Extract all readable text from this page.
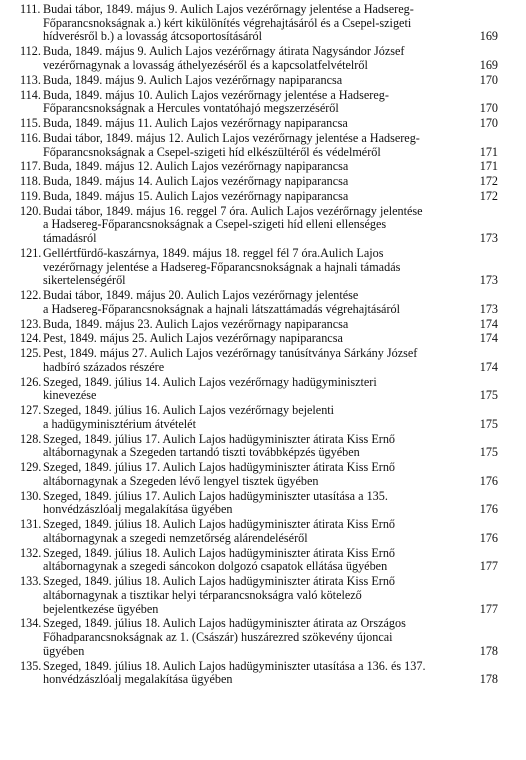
111. Budai tábor, 1849. május 9. Aulich Lajos vezérőrnagy jelentése a Hadsereg-
Főparancsnokságnak a.) kért kikülönítés végrehajtásáról és a Csepel-szigeti
hídverésről b.) a lovasság átcsoportosításáról	169
112. Buda, 1849. május 9. Aulich Lajos vezérőrnagy átirata Nagysándor József
vezérőrnagynak a lovasság áthelyezéséről és a kapcsolatfelvételről	169
113. Buda, 1849. május 9. Aulich Lajos vezérőrnagy napiparancsa	170
114. Buda, 1849. május 10. Aulich Lajos vezérőrnagy jelentése a Hadsereg-
Főparancsnokságnak a Hercules vontatóhajó megszerzéséről	170
115. Buda, 1849. május 11. Aulich Lajos vezérőrnagy napiparancsa	170
116. Budai tábor, 1849. május 12. Aulich Lajos vezérőrnagy jelentése a Hadsereg-
Főparancsnokságnak a Csepel-szigeti híd elkészültéről és védelméről	171
117. Buda, 1849. május 12. Aulich Lajos vezérőrnagy napiparancsa	171
118. Buda, 1849. május 14. Aulich Lajos vezérőrnagy napiparancsa	172
119. Buda, 1849. május 15. Aulich Lajos vezérőrnagy napiparancsa	172
120. Budai tábor, 1849. május 16. reggel 7 óra. Aulich Lajos vezérőrnagy jelentése
a Hadsereg-Főparancsnokságnak a Csepel-szigeti híd elleni ellenséges
támadásról	173
121. Gellértfürdő-kaszárnya, 1849. május 18. reggel fél 7 óra.Aulich Lajos
vezérőrnagy jelentése a Hadsereg-Főparancsnokságnak a hajnali támadás
sikertelenségéről	173
122. Budai tábor, 1849. május 20. Aulich Lajos vezérőrnagy jelentése
a Hadsereg-Főparancsnokságnak a hajnali látszattámadás végrehajtásáról	173
123. Buda, 1849. május 23. Aulich Lajos vezérőrnagy napiparancsa	174
124. Pest, 1849. május 25. Aulich Lajos vezérőrnagy napiparancsa	174
125. Pest, 1849. május 27. Aulich Lajos vezérőrnagy tanúsítványa Sárkány József
hadbíró százados részére	174
126. Szeged, 1849. július 14. Aulich Lajos vezérőrnagy hadügyminiszteri
kinevezése	175
127. Szeged, 1849. július 16. Aulich Lajos vezérőrnagy bejelenti
a hadügyminisztérium átvételét	175
128. Szeged, 1849. július 17. Aulich Lajos hadügyminiszter átirata Kiss Ernő
altábornagynak a Szegeden tartandó tiszti továbbképzés ügyében	175
129. Szeged, 1849. július 17. Aulich Lajos hadügyminiszter átirata Kiss Ernő
altábornagynak a Szegeden lévő lengyel tisztek ügyében	176
130. Szeged, 1849. július 17. Aulich Lajos hadügyminiszter utasítása a 135.
honvédzászlóalj megalakítása ügyében	176
131. Szeged, 1849. július 18. Aulich Lajos hadügyminiszter átirata Kiss Ernő
altábornagynak a szegedi nemzetőrség alárendeléséről	176
132. Szeged, 1849. július 18. Aulich Lajos hadügyminiszter átirata Kiss Ernő
altábornagynak a szegedi sáncokon dolgozó csapatok ellátása ügyében	177
133. Szeged, 1849. július 18. Aulich Lajos hadügyminiszter átirata Kiss Ernő
altábornagynak a tisztikar helyi térparancsnokságra való kötelező
bejelentkezése ügyében	177
134. Szeged, 1849. július 18. Aulich Lajos hadügyminiszter átirata az Országos
Főhadparancsnokságnak az 1. (Császár) huszárezred szökevény újoncai
ügyében	178
135. Szeged, 1849. július 18. Aulich Lajos hadügyminiszter utasítása a 136. és 137.
honvédzászlóalj megalakítása ügyében	178
